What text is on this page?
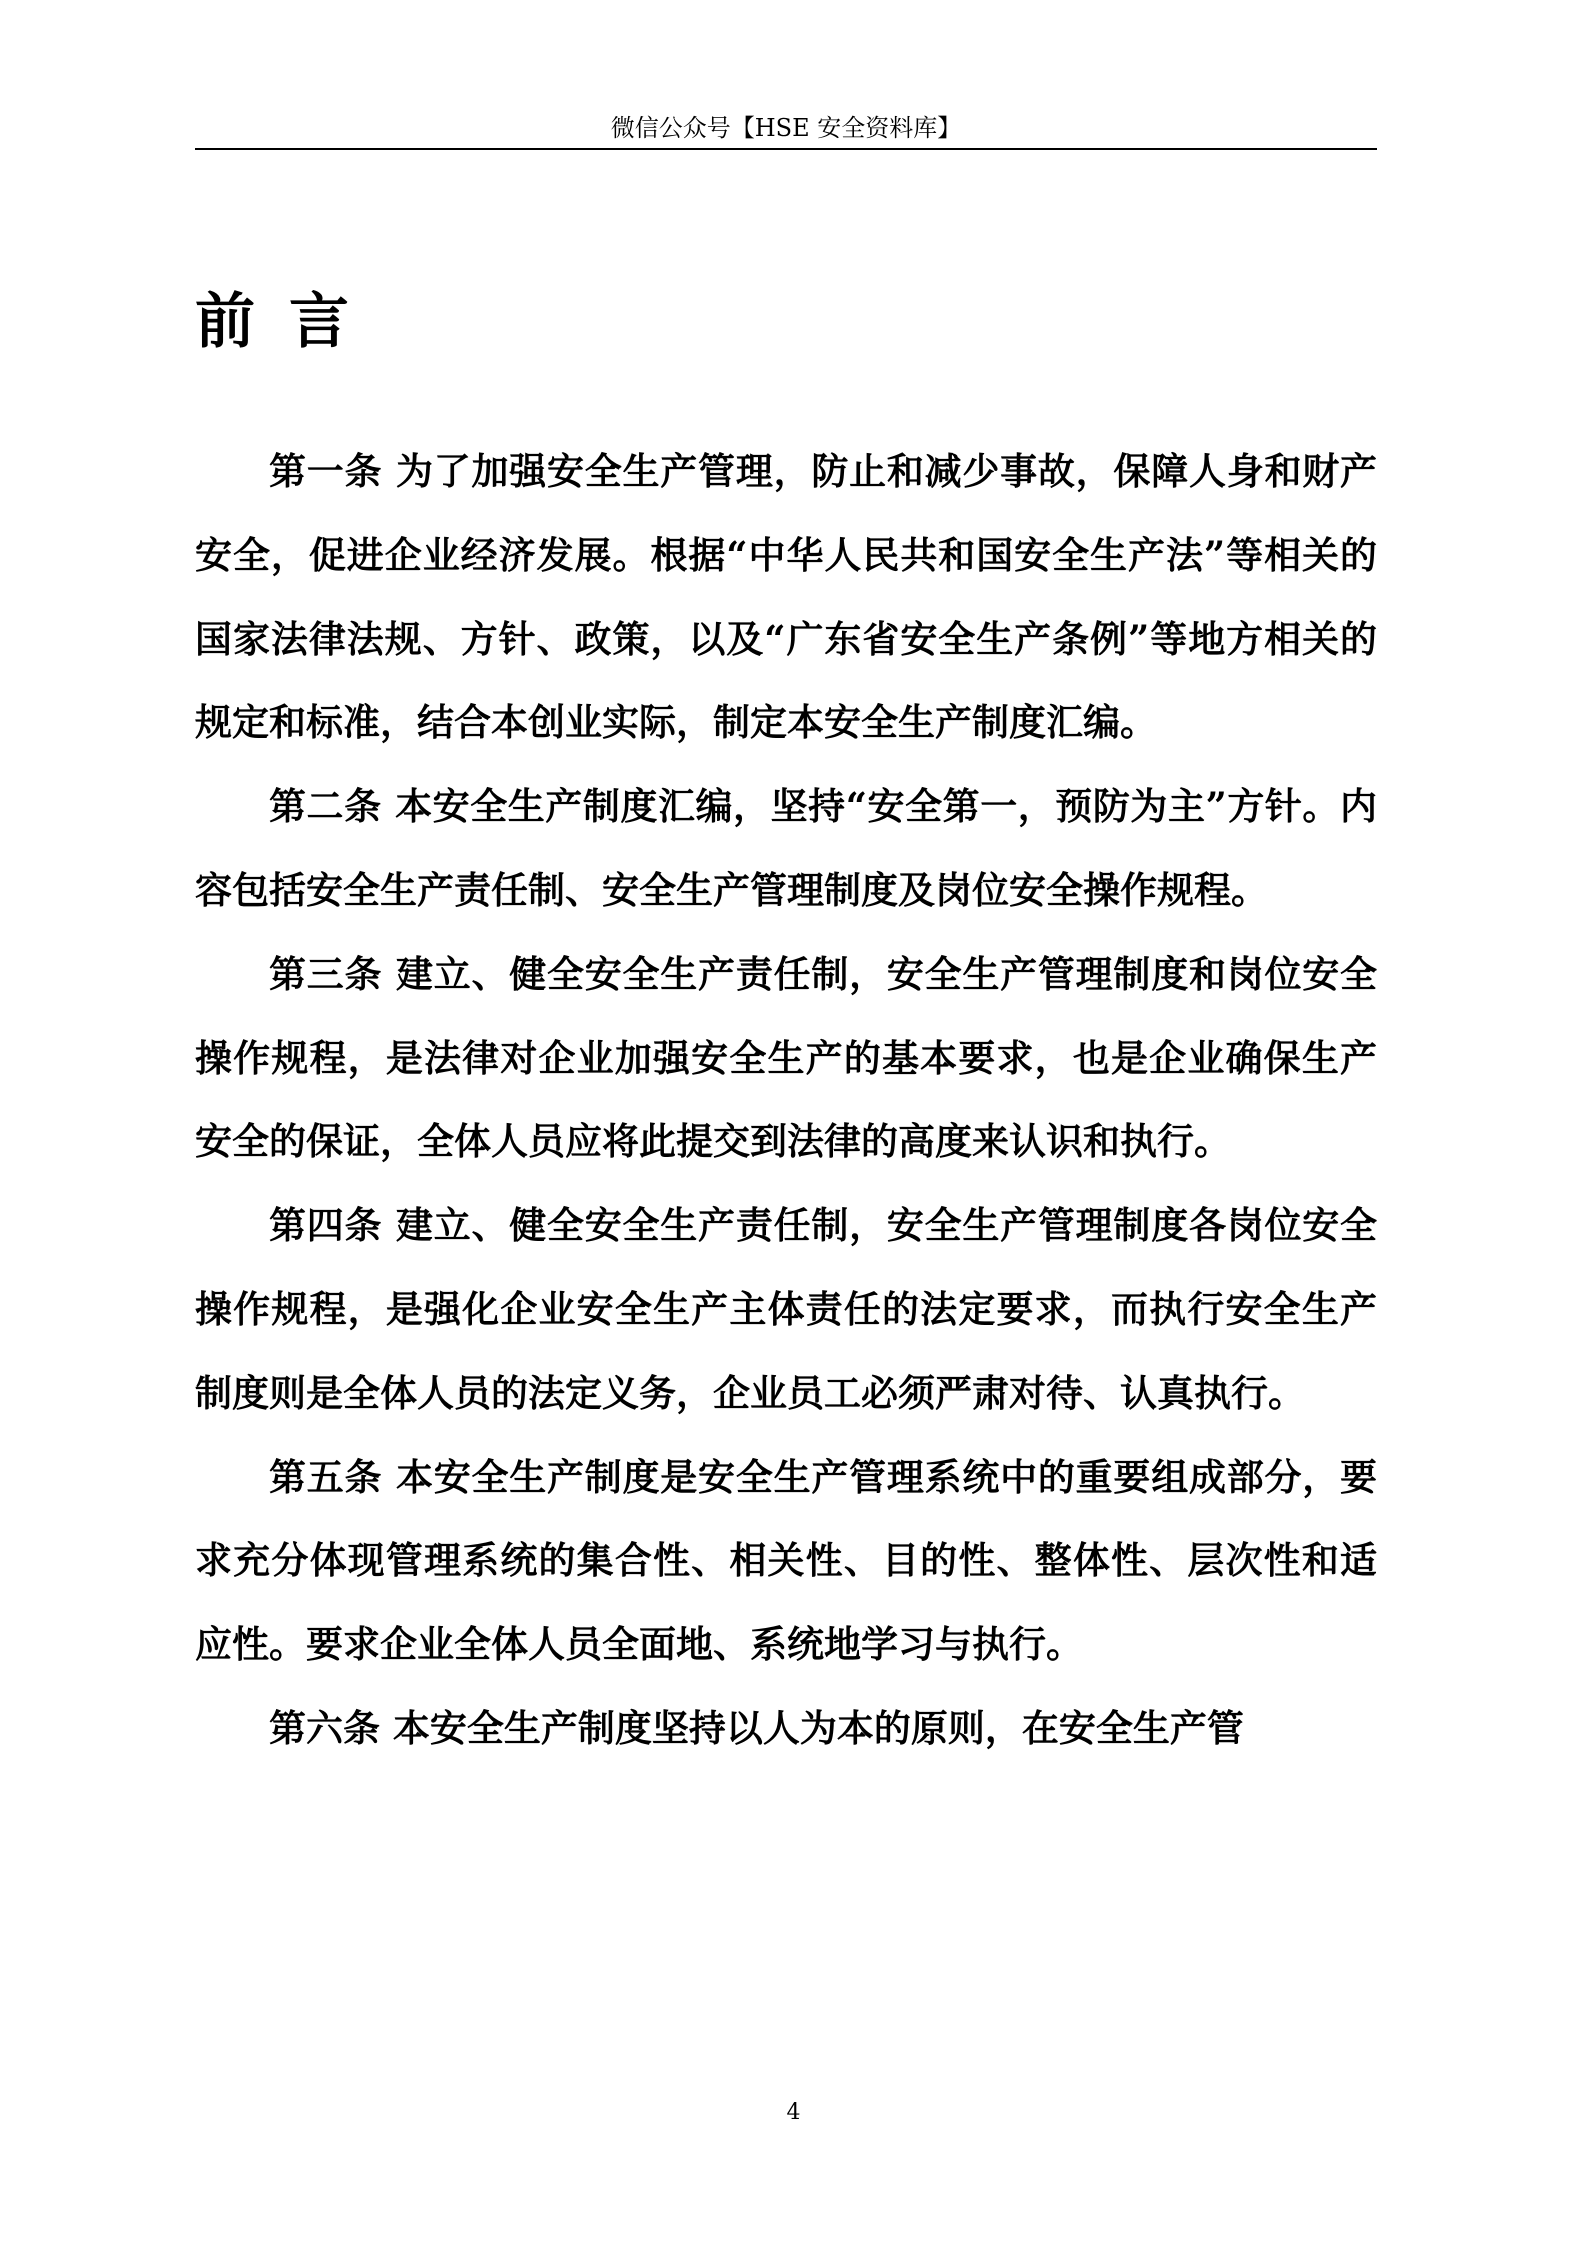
微信公众号【HSE 安全资料库】
前言

第一条 为了加强安全生产管理，防止和减少事故，保障人身和财产安全，促进企业经济发展。根据“中华人民共和国安全生产法”等相关的国家法律法规、方针、政策，以及“广东省安全生产条例”等地方相关的规定和标准，结合本创业实际，制定本安全生产制度汇编。

第二条 本安全生产制度汇编，坚持“安全第一，预防为主”方针。内容包括安全生产责任制、安全生产管理制度及岗位安全操作规程。

第三条 建立、健全安全生产责任制，安全生产管理制度和岗位安全操作规程，是法律对企业加强安全生产的基本要求，也是企业确保生产安全的保证，全体人员应将此提交到法律的高度来认识和执行。

第四条 建立、健全安全生产责任制，安全生产管理制度各岗位安全操作规程，是强化企业安全生产主体责任的法定要求，而执行安全生产制度则是全体人员的法定义务，企业员工必须严肃对待、认真执行。

第五条 本安全生产制度是安全生产管理系统中的重要组成部分，要求充分体现管理系统的集合性、相关性、目的性、整体性、层次性和适应性。要求企业全体人员全面地、系统地学习与执行。

第六条 本安全生产制度坚持以人为本的原则，在安全生产管

4
